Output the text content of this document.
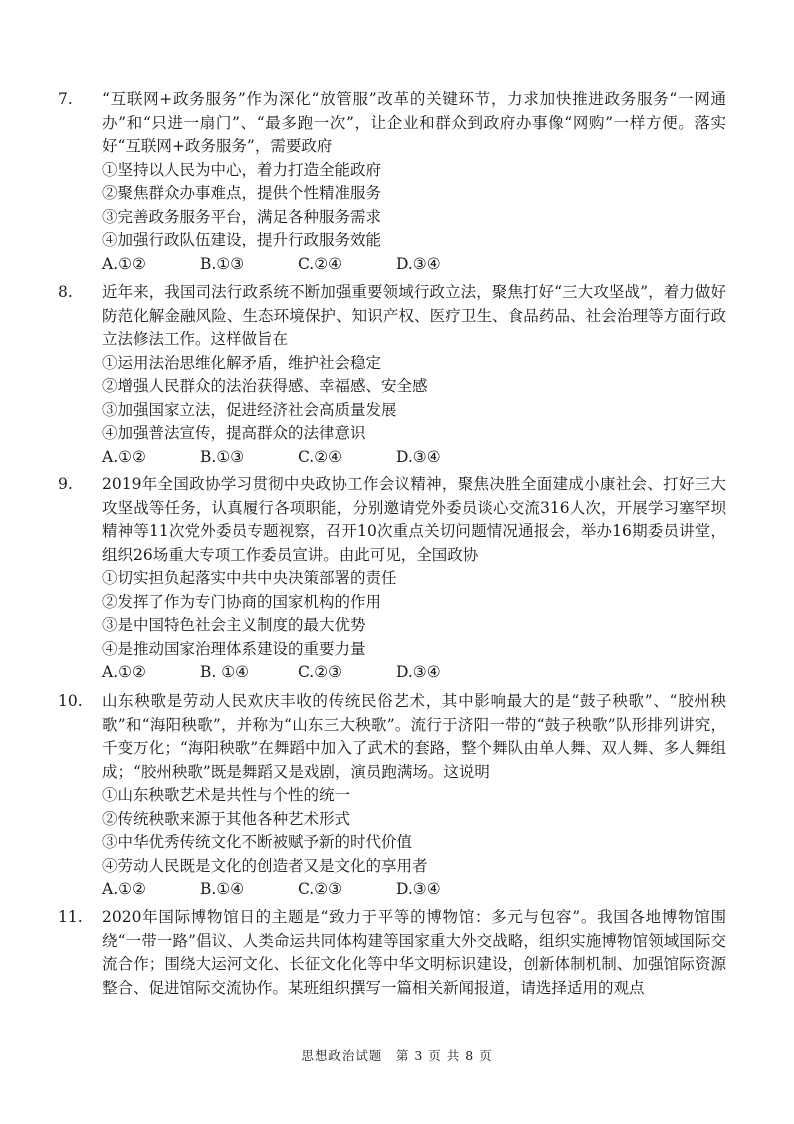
7.	“互联网+政务服务”作为深化“放管服”改革的关键环节，力求加快推进政务服务“一网通办”和“只进一扇门”、“最多跑一次”，让企业和群众到政府办事像“网购”一样方便。落实好“互联网+政务服务”，需要政府

①坚持以人民为中心，着力打造全能政府

②聚焦群众办事难点，提供个性精准服务

③完善政务服务平台，满足各种服务需求

④加强行政队伍建设，提升行政服务效能

A.①②	B.①③	C.②④	D.③④
8.	近年来，我国司法行政系统不断加强重要领域行政立法，聚焦打好“三大攻坚战”，着力做好防范化解金融风险、生态环境保护、知识产权、医疗卫生、食品药品、社会治理等方面行政立法修法工作。这样做旨在

①运用法治思维化解矛盾，维护社会稳定

②增强人民群众的法治获得感、幸福感、安全感

③加强国家立法，促进经济社会高质量发展

④加强普法宣传，提高群众的法律意识

A.①②	B.①③	C.②④	D.③④
9.	2019年全国政协学习贯彻中央政协工作会议精神，聚焦决胜全面建成小康社会、打好三大攻坚战等任务，认真履行各项职能，分别邀请党外委员谈心交流316人次，开展学习塞罕坝精神等11次党外委员专题视察，召开10次重点关切问题情况通报会，举办16期委员讲堂，组织26场重大专项工作委员宣讲。由此可见，全国政协

①切实担负起落实中共中央决策部署的责任

②发挥了作为专门协商的国家机构的作用

③是中国特色社会主义制度的最大优势

④是推动国家治理体系建设的重要力量

A.①②	B. ①④	C.②③	D.③④
10.	山东秧歌是劳动人民欢庆丰收的传统民俗艺术，其中影响最大的是“鼓子秧歌”、“胶州秧歌”和“海阳秧歌”，并称为“山东三大秧歌”。流行于济阳一带的“鼓子秧歌”队形排列讲究，千变万化；“海阳秧歌”在舞蹈中加入了武术的套路，整个舞队由单人舞、双人舞、多人舞组成；“胶州秧歌”既是舞蹈又是戏剧，演员跑满场。这说明

①山东秧歌艺术是共性与个性的统一

②传统秧歌来源于其他各种艺术形式

③中华优秀传统文化不断被赋予新的时代价值

④劳动人民既是文化的创造者又是文化的享用者

A.①②	B.①④	C.②③	D.③④
11.	2020年国际博物馆日的主题是“致力于平等的博物馆：多元与包容”。我国各地博物馆围绕“一带一路”倡议、人类命运共同体构建等国家重大外交战略，组织实施博物馆领域国际交流合作；围绕大运河文化、长征文化化等中华文明标识建设，创新体制机制、加强馆际资源整合、促进馆际交流协作。某班组织撰写一篇相关新闻报道，请选择适用的观点

思想政治试题　第 3 页 共 8 页
